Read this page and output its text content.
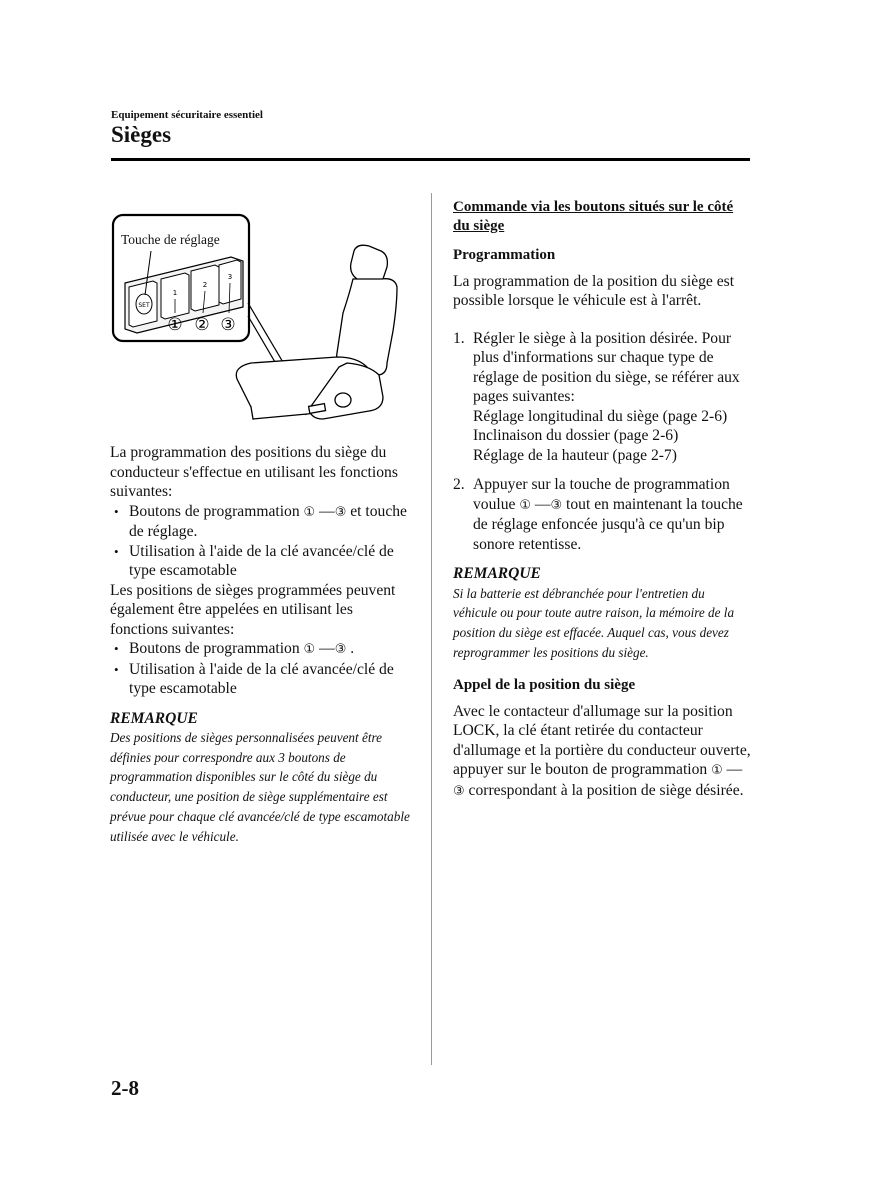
Equipement sécuritaire essentiel
Sièges
Touche de réglage
SET
1
2
3
① ② ③

La programmation des positions du siège du conducteur s'effectue en utilisant les fonctions suivantes:

• Boutons de programmation ① —③ et touche de réglage.
• Utilisation à l'aide de la clé avancée/clé de type escamotable

Les positions de sièges programmées peuvent également être appelées en utilisant les fonctions suivantes:

• Boutons de programmation ① —③ .
• Utilisation à l'aide de la clé avancée/clé de type escamotable
REMARQUE
Des positions de sièges personnalisées peuvent être définies pour correspondre aux 3 boutons de programmation disponibles sur le côté du siège du conducteur, une position de siège supplémentaire est prévue pour chaque clé avancée/clé de type escamotable utilisée avec le véhicule.
Commande via les boutons situés sur le côté du siège
Programmation

La programmation de la position du siège est possible lorsque le véhicule est à l'arrêt.

1. Régler le siège à la position désirée. Pour plus d'informations sur chaque type de réglage de position du siège, se référer aux pages suivantes:
Réglage longitudinal du siège (page 2-6)
Inclinaison du dossier (page 2-6)
Réglage de la hauteur (page 2-7)
2. Appuyer sur la touche de programmation voulue ① —③ tout en maintenant la touche de réglage enfoncée jusqu'à ce qu'un bip sonore retentisse.
REMARQUE
Si la batterie est débranchée pour l'entretien du véhicule ou pour toute autre raison, la mémoire de la position du siège est effacée. Auquel cas, vous devez reprogrammer les positions du siège.
Appel de la position du siège

Avec le contacteur d'allumage sur la position LOCK, la clé étant retirée du contacteur d'allumage et la portière du conducteur ouverte, appuyer sur le bouton de programmation ① —③ correspondant à la position de siège désirée.

2-8
